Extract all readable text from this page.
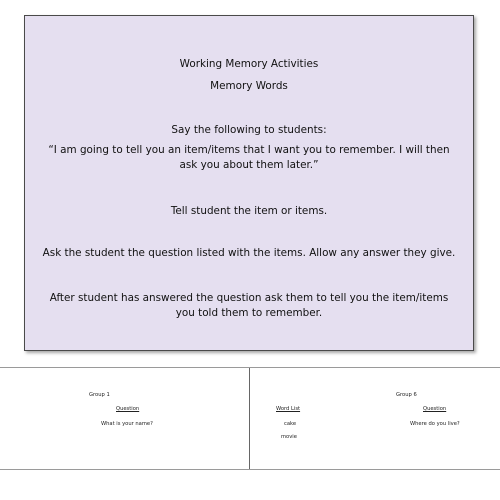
Working Memory Activities
Memory Words
Say the following to students:
“I am going to tell you an item/items that I want you to remember. I will then
ask you about them later.”
Tell student the item or items.
Ask the student the question listed with the items. Allow any answer they give.
After student has answered the question ask them to tell you the item/items
you told them to remember.
Group 1
Question
What is your name?
Word List
cake
movie
Group 6
Question
Where do you live?
